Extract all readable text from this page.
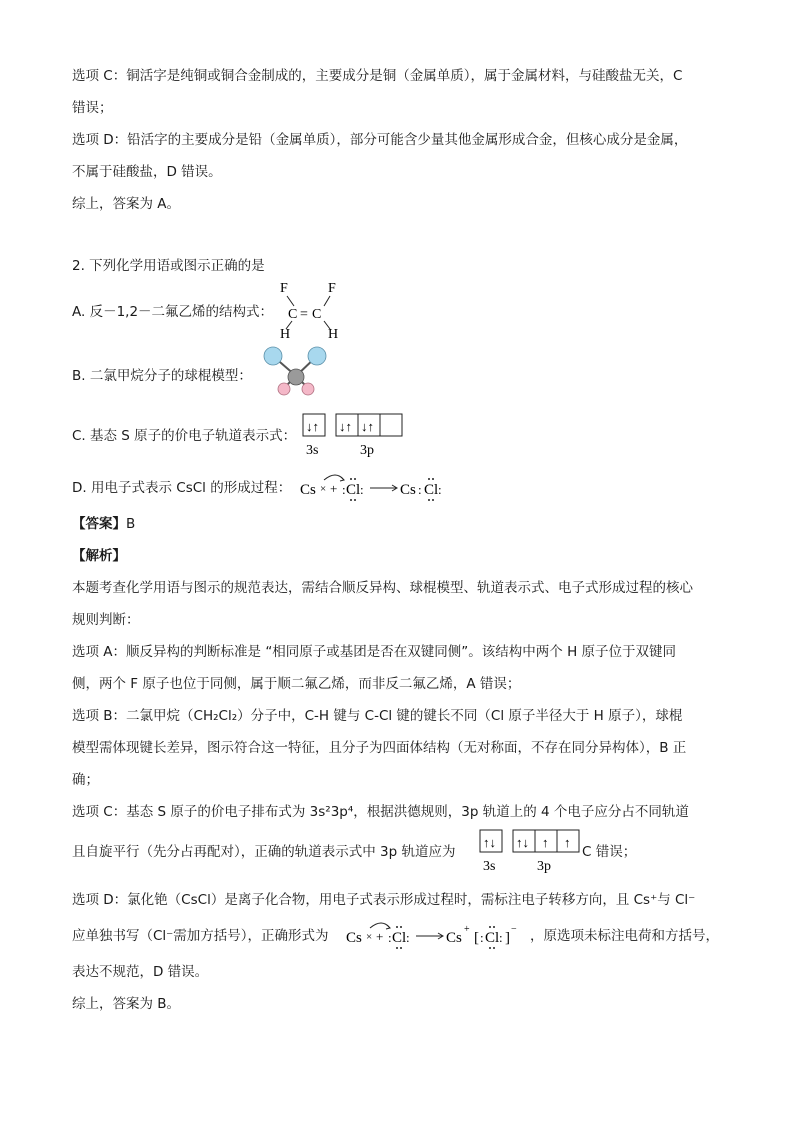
选项 C：铜活字是纯铜或铜合金制成的，主要成分是铜（金属单质），属于金属材料，与硅酸盐无关，C
错误；
选项 D：铅活字的主要成分是铅（金属单质），部分可能含少量其他金属形成合金，但核心成分是金属，
不属于硅酸盐，D 错误。
综上，答案为 A。
2. 下列化学用语或图示正确的是
A. 反－1,2－二氟乙烯的结构式：
F	F
C = C
H	H
B. 二氯甲烷分子的球棍模型：
C. 基态 S 原子的价电子轨道表示式：
↓↑ ↓↑ ↓↑
3s	3p
D. 用电子式表示 CsCl 的形成过程： Cs × + : Cl : Cs : Cl :
【答案】B
【解析】
本题考查化学用语与图示的规范表达，需结合顺反异构、球棍模型、轨道表示式、电子式形成过程的核心
规则判断：
选项 A：顺反异构的判断标准是 “相同原子或基团是否在双键同侧”。该结构中两个 H 原子位于双键同
侧，两个 F 原子也位于同侧，属于顺二氟乙烯，而非反二氟乙烯，A 错误；
选项 B：二氯甲烷（CH₂Cl₂）分子中，C-H 键与 C-Cl 键的键长不同（Cl 原子半径大于 H 原子），球棍
模型需体现键长差异，图示符合这一特征，且分子为四面体结构（无对称面，不存在同分异构体），B 正
确；
选项 C：基态 S 原子的价电子排布式为 3s²3p⁴，根据洪德规则，3p 轨道上的 4 个电子应分占不同轨道
且自旋平行（先分占再配对），正确的轨道表示式中 3p 轨道应为
↑↓ ↑↓ ↑ ↑
3s	3p
C 错误；
选项 D：氯化铯（CsCl）是离子化合物，用电子式表示形成过程时，需标注电子转移方向，且 Cs⁺与 Cl⁻
应单独书写（Cl⁻需加方括号），正确形式为 Cs × + : Cl : Cs
+
[ : Cl : ]
− ，原选项未标注电荷和方括号，
表达不规范，D 错误。
综上，答案为 B。
